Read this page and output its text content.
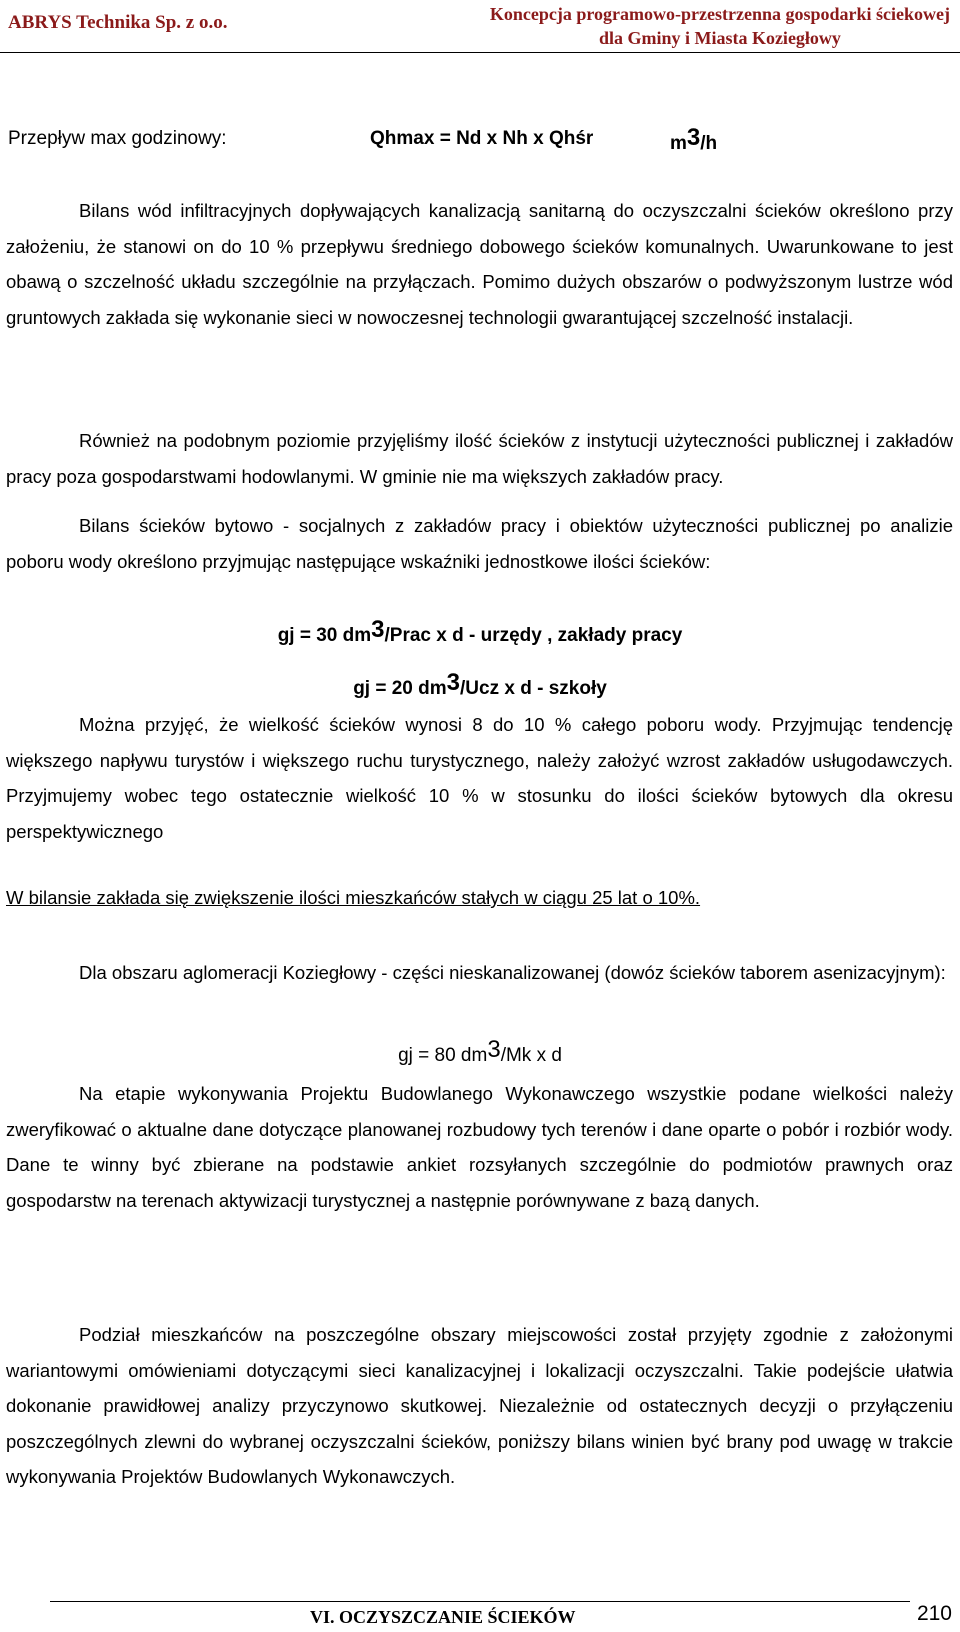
ABRYS Technika Sp. z o.o.	Koncepcja programowo-przestrzenna gospodarki ściekowej
dla Gminy i Miasta Koziegłowy
Przepływ max godzinowy:	Qhmax = Nd x Nh x Qhśr	m3/h

Bilans wód infiltracyjnych dopływających kanalizacją sanitarną do oczyszczalni ścieków określono przy założeniu, że stanowi on do 10 % przepływu średniego dobowego ścieków komunalnych. Uwarunkowane to jest obawą o szczelność układu szczególnie na przyłączach. Pomimo dużych obszarów o podwyższonym lustrze wód gruntowych zakłada się wykonanie sieci w nowoczesnej technologii gwarantującej szczelność instalacji.

Również na podobnym poziomie przyjęliśmy ilość ścieków z instytucji użyteczności publicznej i zakładów pracy poza gospodarstwami hodowlanymi. W gminie nie ma większych zakładów pracy.

Bilans ścieków bytowo - socjalnych z zakładów pracy i obiektów użyteczności publicznej po analizie poboru wody określono przyjmując następujące wskaźniki jednostkowe ilości ścieków:

gj = 30 dm3/Prac x d - urzędy , zakłady pracy
gj = 20 dm3/Ucz x d - szkoły

Można przyjęć, że wielkość ścieków wynosi 8 do 10 % całego poboru wody. Przyjmując tendencję większego napływu turystów i większego ruchu turystycznego, należy założyć wzrost zakładów usługodawczych. Przyjmujemy wobec tego ostatecznie wielkość 10 % w stosunku do ilości ścieków bytowych dla okresu perspektywicznego

W bilansie zakłada się zwiększenie ilości mieszkańców stałych w ciągu 25 lat o 10%.

Dla obszaru aglomeracji Koziegłowy - części nieskanalizowanej (dowóz ścieków taborem asenizacyjnym):

gj = 80 dm3/Mk x d

Na etapie wykonywania Projektu Budowlanego Wykonawczego wszystkie podane wielkości należy zweryfikować o aktualne dane dotyczące planowanej rozbudowy tych terenów i dane oparte o pobór i rozbiór wody. Dane te winny być zbierane na podstawie ankiet rozsyłanych szczególnie do podmiotów prawnych oraz gospodarstw na terenach aktywizacji turystycznej a następnie porównywane z bazą danych.

Podział mieszkańców na poszczególne obszary miejscowości został przyjęty zgodnie z założonymi wariantowymi omówieniami dotyczącymi sieci kanalizacyjnej i lokalizacji oczyszczalni. Takie podejście ułatwia dokonanie prawidłowej analizy przyczynowo skutkowej. Niezależnie od ostatecznych decyzji o przyłączeniu poszczególnych zlewni do wybranej oczyszczalni ścieków, poniższy bilans winien być brany pod uwagę w trakcie wykonywania Projektów Budowlanych Wykonawczych.

VI. OCZYSZCZANIE ŚCIEKÓW	210
